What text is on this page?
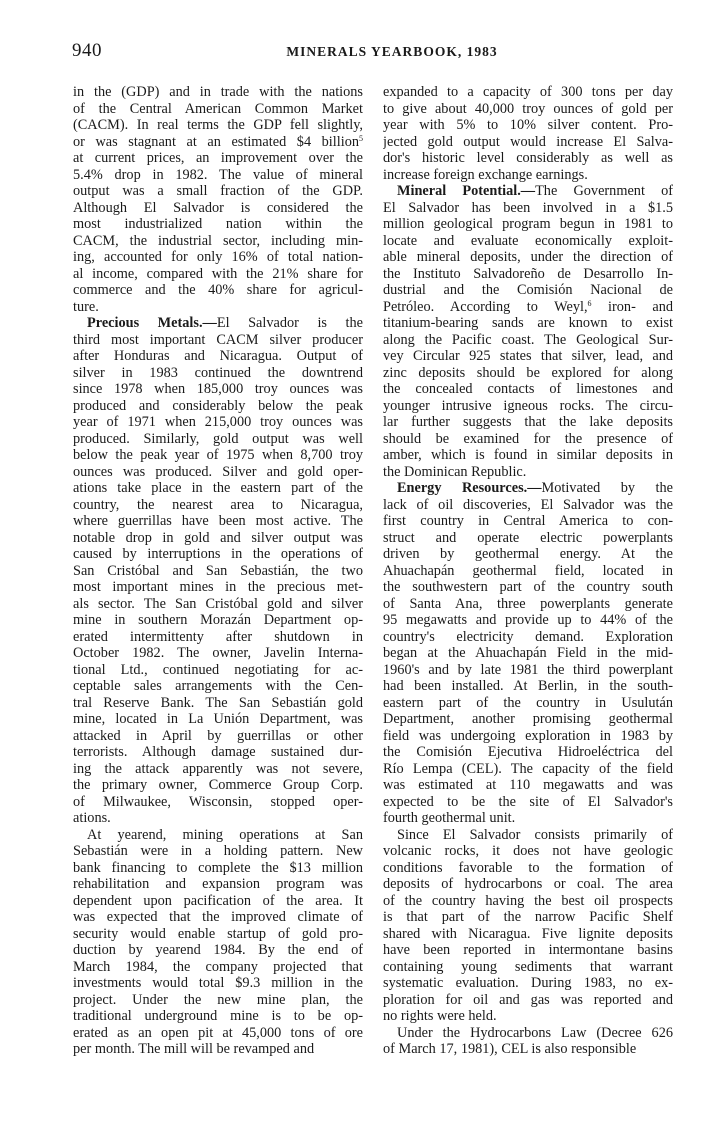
940	MINERALS YEARBOOK, 1983
in the (GDP) and in trade with the nations
of the Central American Common Market
(CACM). In real terms the GDP fell slightly,
or was stagnant at an estimated $4 billion$^5$
at current prices, an improvement over the
5.4% drop in 1982. The value of mineral
output was a small fraction of the GDP.
Although El Salvador is considered the
most industrialized nation within the
CACM, the industrial sector, including min-
ing, accounted for only 16% of total nation-
al income, compared with the 21% share for
commerce and the 40% share for agricul-
ture.
Precious Metals.—El Salvador is the
third most important CACM silver producer
after Honduras and Nicaragua. Output of
silver in 1983 continued the downtrend
since 1978 when 185,000 troy ounces was
produced and considerably below the peak
year of 1971 when 215,000 troy ounces was
produced. Similarly, gold output was well
below the peak year of 1975 when 8,700 troy
ounces was produced. Silver and gold oper-
ations take place in the eastern part of the
country, the nearest area to Nicaragua,
where guerrillas have been most active. The
notable drop in gold and silver output was
caused by interruptions in the operations of
San Cristóbal and San Sebastián, the two
most important mines in the precious met-
als sector. The San Cristóbal gold and silver
mine in southern Morazán Department op-
erated intermittenty after shutdown in
October 1982. The owner, Javelin Interna-
tional Ltd., continued negotiating for ac-
ceptable sales arrangements with the Cen-
tral Reserve Bank. The San Sebastián gold
mine, located in La Unión Department, was
attacked in April by guerrillas or other
terrorists. Although damage sustained dur-
ing the attack apparently was not severe,
the primary owner, Commerce Group Corp.
of Milwaukee, Wisconsin, stopped oper-
ations.
At yearend, mining operations at San
Sebastián were in a holding pattern. New
bank financing to complete the $13 million
rehabilitation and expansion program was
dependent upon pacification of the area. It
was expected that the improved climate of
security would enable startup of gold pro-
duction by yearend 1984. By the end of
March 1984, the company projected that
investments would total $9.3 million in the
project. Under the new mine plan, the
traditional underground mine is to be op-
erated as an open pit at 45,000 tons of ore
per month. The mill will be revamped and
expanded to a capacity of 300 tons per day
to give about 40,000 troy ounces of gold per
year with 5% to 10% silver content. Pro-
jected gold output would increase El Salva-
dor's historic level considerably as well as
increase foreign exchange earnings.
Mineral Potential.—The Government of
El Salvador has been involved in a $1.5
million geological program begun in 1981 to
locate and evaluate economically exploit-
able mineral deposits, under the direction of
the Instituto Salvadoreño de Desarrollo In-
dustrial and the Comisión Nacional de
Petróleo. According to Weyl,$^6$ iron- and
titanium-bearing sands are known to exist
along the Pacific coast. The Geological Sur-
vey Circular 925 states that silver, lead, and
zinc deposits should be explored for along
the concealed contacts of limestones and
younger intrusive igneous rocks. The circu-
lar further suggests that the lake deposits
should be examined for the presence of
amber, which is found in similar deposits in
the Dominican Republic.
Energy Resources.—Motivated by the
lack of oil discoveries, El Salvador was the
first country in Central America to con-
struct and operate electric powerplants
driven by geothermal energy. At the
Ahuachapán geothermal field, located in
the southwestern part of the country south
of Santa Ana, three powerplants generate
95 megawatts and provide up to 44% of the
country's electricity demand. Exploration
began at the Ahuachapán Field in the mid-
1960's and by late 1981 the third powerplant
had been installed. At Berlin, in the south-
eastern part of the country in Usulután
Department, another promising geothermal
field was undergoing exploration in 1983 by
the Comisión Ejecutiva Hidroeléctrica del
Río Lempa (CEL). The capacity of the field
was estimated at 110 megawatts and was
expected to be the site of El Salvador's
fourth geothermal unit.
Since El Salvador consists primarily of
volcanic rocks, it does not have geologic
conditions favorable to the formation of
deposits of hydrocarbons or coal. The area
of the country having the best oil prospects
is that part of the narrow Pacific Shelf
shared with Nicaragua. Five lignite deposits
have been reported in intermontane basins
containing young sediments that warrant
systematic evaluation. During 1983, no ex-
ploration for oil and gas was reported and
no rights were held.
Under the Hydrocarbons Law (Decree 626
of March 17, 1981), CEL is also responsible
